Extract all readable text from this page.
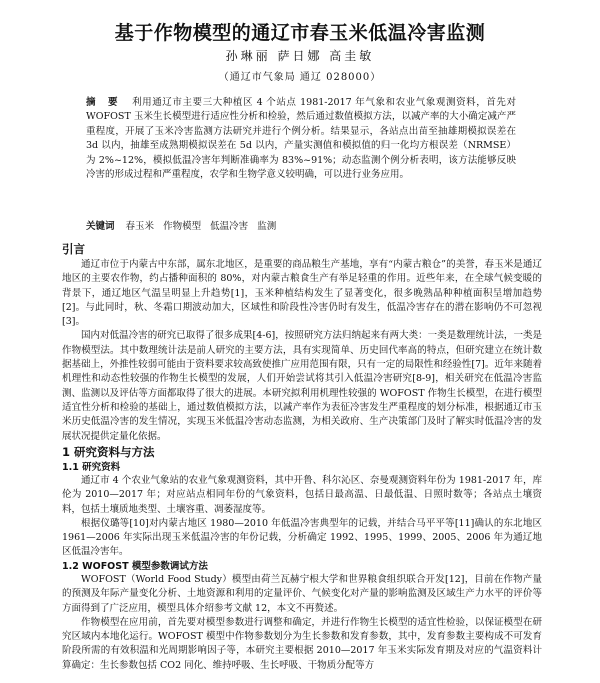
基于作物模型的通辽市春玉米低温冷害监测
孙琳丽 萨日娜 高圭敏
（通辽市气象局 通辽 028000）
摘 要 利用通辽市主要三大种植区 4 个站点 1981-2017 年气象和农业气象观测资料，首先对 WOFOST 玉米生长模型进行适应性分析和检验，然后通过数值模拟方法，以减产率的大小确定减产严重程度，开展了玉米冷害监测方法研究并进行个例分析。结果显示，各站点出苗至抽雄期模拟误差在 3d 以内，抽雄至成熟期模拟误差在 5d 以内，产量实测值和模拟值的归一化均方根误差（NRMSE）为 2%~12%，模拟低温冷害年判断准确率为 83%~91%；动态监测个例分析表明，该方法能够反映冷害的形成过程和严重程度，农学和生物学意义较明确，可以进行业务应用。
关键词 春玉米 作物模型 低温冷害 监测
引言

通辽市位于内蒙古中东部，属东北地区，是重要的商品粮生产基地，享有“内蒙古粮仓”的美誉，春玉米是通辽地区的主要农作物，约占播种面积的 80%，对内蒙古粮食生产有举足轻重的作用。近些年来，在全球气候变暖的背景下，通辽地区气温呈明显上升趋势[1]，玉米种植结构发生了显著变化，很多晚熟品种种植面积呈增加趋势[2]。与此同时，秋、冬霜口期波动加大，区域性和阶段性冷害仍时有发生，低温冷害存在的潜在影响仍不可忽视[3]。

国内对低温冷害的研究已取得了很多成果[4-6]，按照研究方法归纳起来有两大类：一类是数理统计法，一类是作物模型法。其中数理统计法是前人研究的主要方法，具有实现简单、历史回代率高的特点，但研究建立在统计数据基础上，外推性较弱可能由于资料要求较高致使推广应用范围有限，只有一定的局限性和经验性[7]。近年来随着机理性和动态性较强的作物生长模型的发展，人们开始尝试将其引入低温冷害研究[8-9]，相关研究在低温冷害监测、监测以及评估等方面都取得了很大的进展。本研究拟利用机理性较强的 WOFOST 作物生长模型，在进行模型适宜性分析和检验的基础上，通过数值模拟方法，以减产率作为表征冷害发生严重程度的划分标准，根据通辽市玉米历史低温冷害的发生情况，实现玉米低温冷害动态监测，为相关政府、生产决策部门及时了解实时低温冷害的发展状况提供定量化依据。

1 研究资料与方法
1.1 研究资料

通辽市 4 个农业气象站的农业气象观测资料，其中开鲁、科尔沁区、奈曼观测资料年份为 1981-2017 年，库伦为 2010—2017 年；对应站点相同年份的气象资料，包括日最高温、日最低温、日照时数等；各站点土壤资料，包括土壤质地类型、土壤容重、凋萎湿度等。

根据仪璐等[10]对内蒙古地区 1980—2010 年低温冷害典型年的记载，并结合马平平等[11]确认的东北地区 1961—2006 年实际出现玉米低温冷害的年份记载，分析确定 1992、1995、1999、2005、2006 年为通辽地区低温冷害年。

1.2 WOFOST 模型参数调试方法

WOFOST（World Food Study）模型由荷兰瓦赫宁根大学和世界粮食组织联合开发[12]，目前在作物产量的预测及年际产量变化分析、土地资源和利用的定量评价、气候变化对产量的影响监测及区域生产力水平的评价等方面得到了广泛应用，模型具体介绍参考文献 12，本文不再赘述。

作物模型在应用前，首先要对模型参数进行调整和确定，并进行作物生长模型的适宜性检验，以保证模型在研究区域内本地化运行。WOFOST 模型中作物参数划分为生长参数和发育参数，其中，发育参数主要构成不可发育阶段所需的有效积温和光周期影响因子等，本研究主要根据 2010—2017 年玉米实际发育期及对应的气温资料计算确定：生长参数包括 CO2 同化、维持呼吸、生长呼吸、干物质分配等方
